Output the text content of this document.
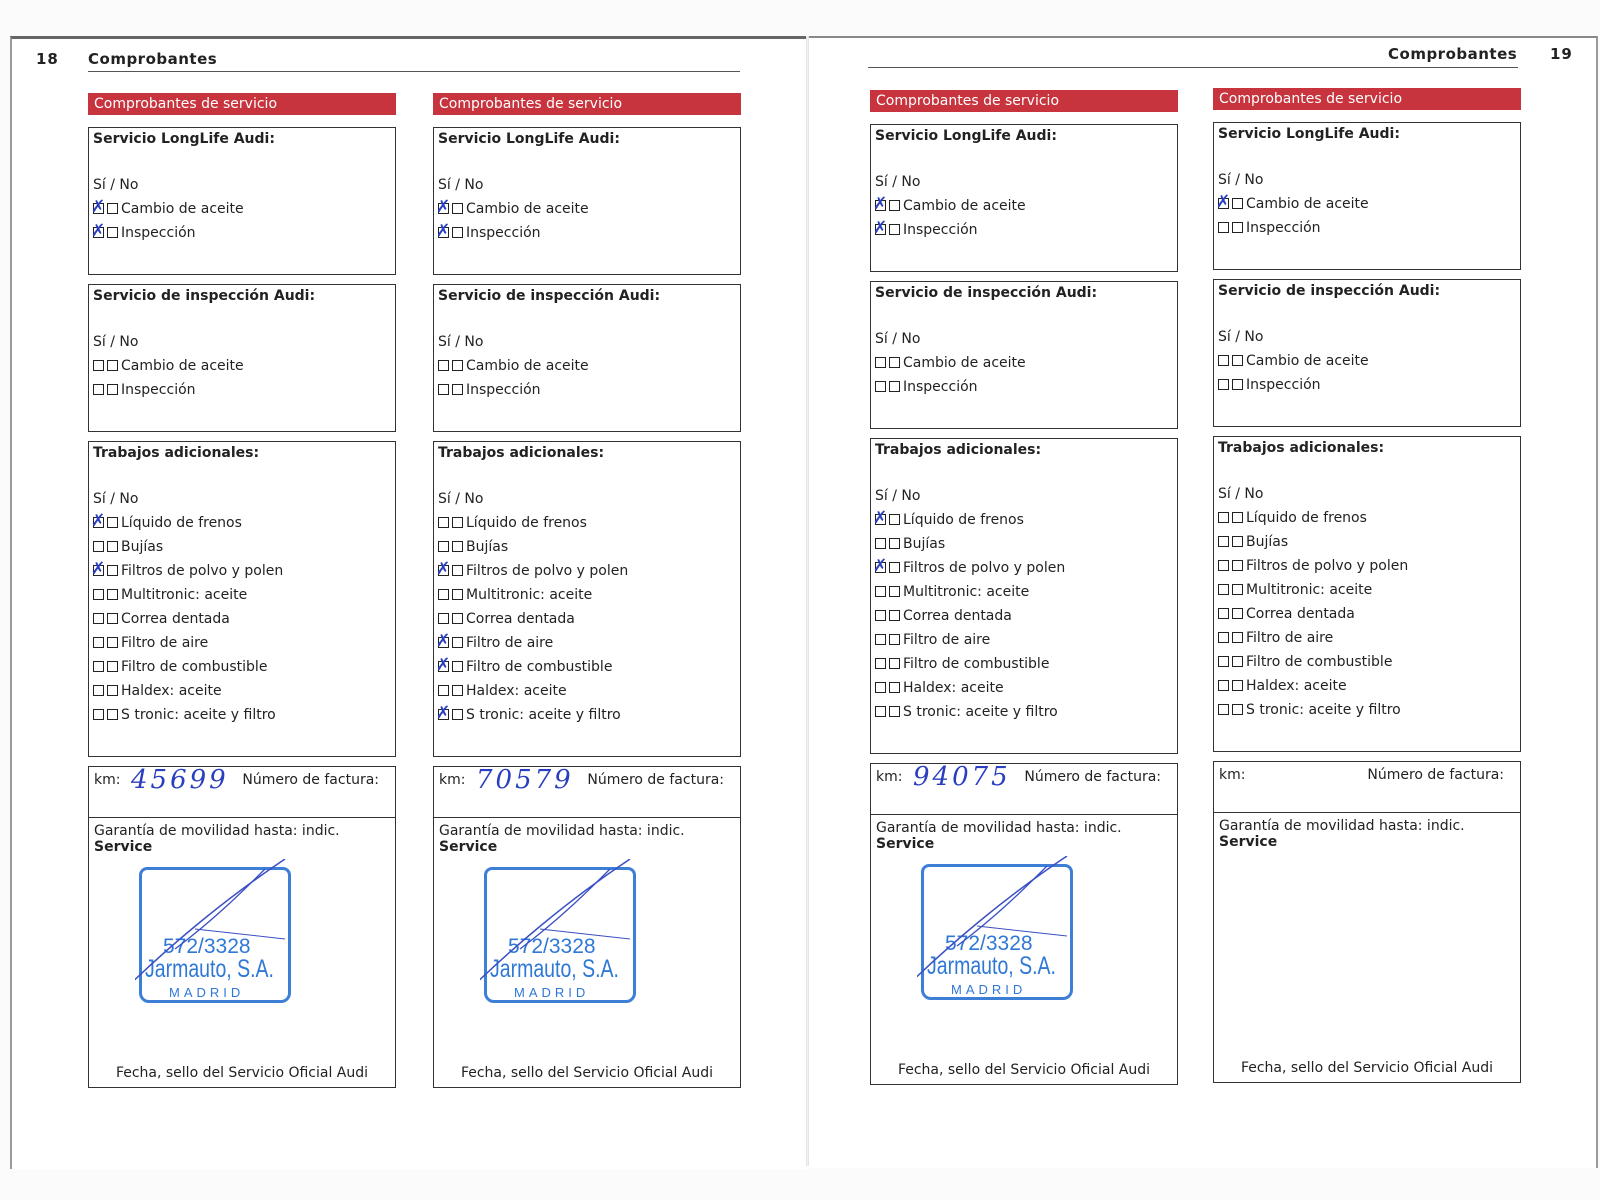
18 Comprobantes	Comprobantes 19
Comprobantes de servicio
Servicio LongLife Audi:
Sí / No
✗Cambio de aceite
✗Inspección
Servicio de inspección Audi:
Sí / No
Cambio de aceite
Inspección
Trabajos adicionales:
Sí / No
✗Líquido de frenos
Bujías
✗Filtros de polvo y polen
Multitronic: aceite
Correa dentada
Filtro de aire
Filtro de combustible
Haldex: aceite
S tronic: aceite y filtro
km: 45699 Número de factura:
Garantía de movilidad hasta: indic. Service
572/3328
Jarmauto, S.A.
MADRID
Fecha, sello del Servicio Oficial Audi
Comprobantes de servicio
Servicio LongLife Audi:
Sí / No
✗Cambio de aceite
✗Inspección
Servicio de inspección Audi:
Sí / No
Cambio de aceite
Inspección
Trabajos adicionales:
Sí / No
Líquido de frenos
Bujías
✗Filtros de polvo y polen
Multitronic: aceite
Correa dentada
✗Filtro de aire
✗Filtro de combustible
Haldex: aceite
✗S tronic: aceite y filtro
km: 70579 Número de factura:
Garantía de movilidad hasta: indic. Service
572/3328
Jarmauto, S.A.
MADRID
Fecha, sello del Servicio Oficial Audi
Comprobantes de servicio
Servicio LongLife Audi:
Sí / No
✗Cambio de aceite
✗Inspección
Servicio de inspección Audi:
Sí / No
Cambio de aceite
Inspección
Trabajos adicionales:
Sí / No
✗Líquido de frenos
Bujías
✗Filtros de polvo y polen
Multitronic: aceite
Correa dentada
Filtro de aire
Filtro de combustible
Haldex: aceite
S tronic: aceite y filtro
km: 94075 Número de factura:
Garantía de movilidad hasta: indic. Service
572/3328
Jarmauto, S.A.
MADRID
Fecha, sello del Servicio Oficial Audi
Comprobantes de servicio
Servicio LongLife Audi:
Sí / No
✗Cambio de aceite
Inspección
Servicio de inspección Audi:
Sí / No
Cambio de aceite
Inspección
Trabajos adicionales:
Sí / No
Líquido de frenos
Bujías
Filtros de polvo y polen
Multitronic: aceite
Correa dentada
Filtro de aire
Filtro de combustible
Haldex: aceite
S tronic: aceite y filtro
km:	Número de factura:
Garantía de movilidad hasta: indic. Service
Fecha, sello del Servicio Oficial Audi
